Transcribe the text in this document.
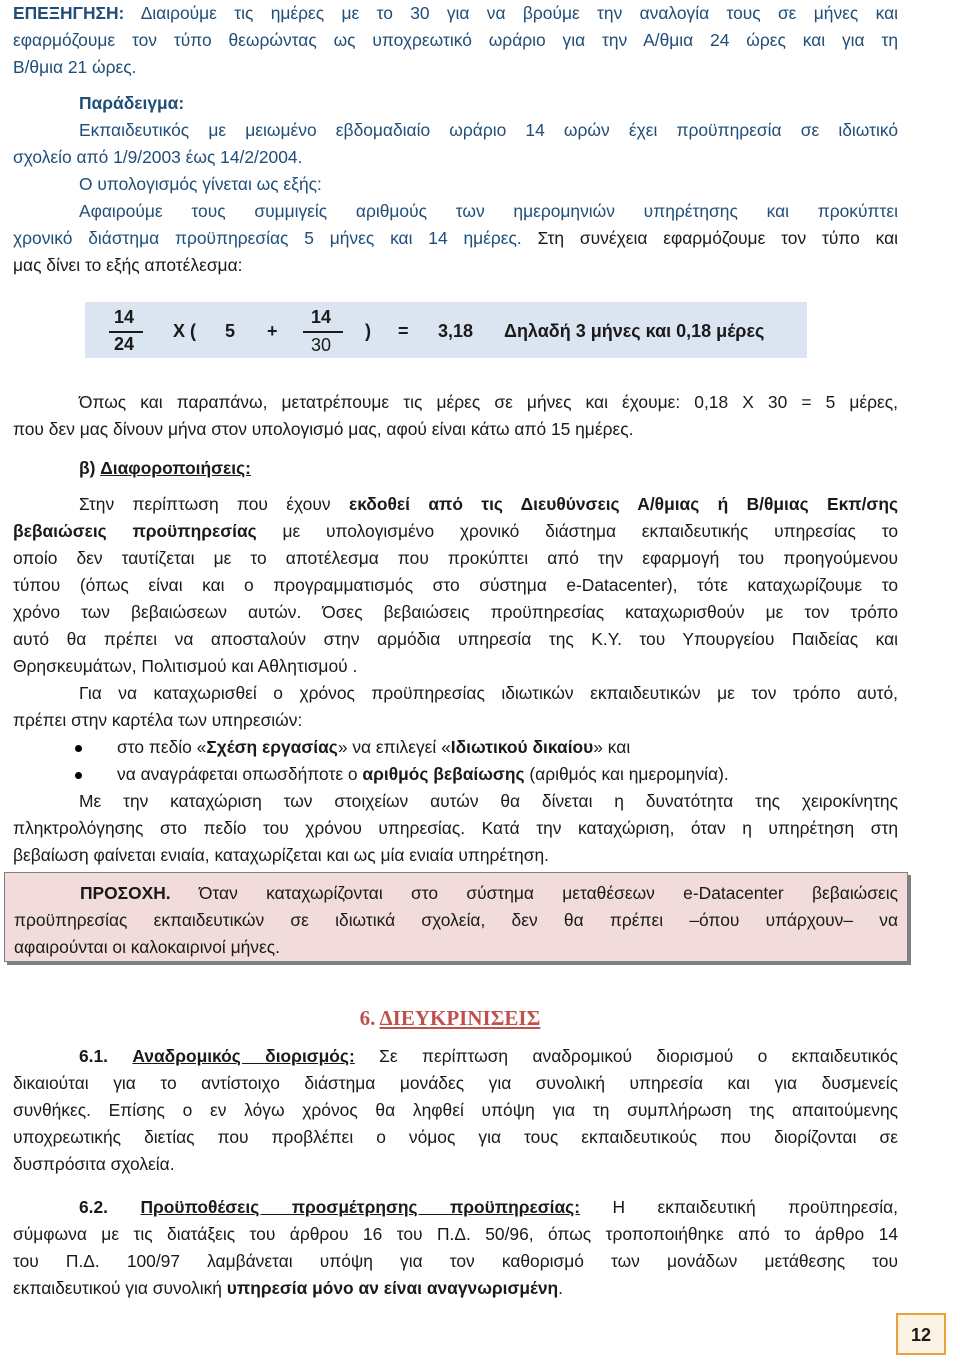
ΕΠΕΞΗΓΗΣΗ: Διαιρούμε τις ημέρες με το 30 για να βρούμε την αναλογία τους σε μήνες και

εφαρμόζουμε τον τύπο θεωρώντας ως υποχρεωτικό ωράριο για την Α/θμια 24 ώρες και για τη

Β/θμια 21 ώρες.

Παράδειγμα:

Εκπαιδευτικός με μειωμένο εβδομαδιαίο ωράριο 14 ωρών έχει προϋπηρεσία σε ιδιωτικό

σχολείο από 1/9/2003 έως 14/2/2004.

Ο υπολογισμός γίνεται ως εξής:

Αφαιρούμε τους συμμιγείς αριθμούς των ημερομηνιών υπηρέτησης και προκύπτει

χρονικό διάστημα προϋπηρεσίας 5 μήνες και 14 ημέρες. Στη συνέχεια εφαρμόζουμε τον τύπο και

μας δίνει το εξής αποτέλεσμα:

14
24
Χ ( 5 +
14
30
) = 3,18 Δηλαδή 3 μήνες και 0,18 μέρες

Όπως και παραπάνω, μετατρέπουμε τις μέρες σε μήνες και έχουμε: 0,18 Χ 30 = 5 μέρες,

που δεν μας δίνουν μήνα στον υπολογισμό μας, αφού είναι κάτω από 15 ημέρες.

β) Διαφοροποιήσεις:

Στην περίπτωση που έχουν εκδοθεί από τις Διευθύνσεις Α/θμιας ή Β/θμιας Εκπ/σης

βεβαιώσεις προϋπηρεσίας με υπολογισμένο χρονικό διάστημα εκπαιδευτικής υπηρεσίας το

οποίο δεν ταυτίζεται με το αποτέλεσμα που προκύπτει από την εφαρμογή του προηγούμενου

τύπου (όπως είναι και ο προγραμματισμός στο σύστημα e-Datacenter), τότε καταχωρίζουμε το

χρόνο των βεβαιώσεων αυτών. Όσες βεβαιώσεις προϋπηρεσίας καταχωρισθούν με τον τρόπο

αυτό θα πρέπει να αποσταλούν στην αρμόδια υπηρεσία της Κ.Υ. του Υπουργείου Παιδείας και

Θρησκευμάτων, Πολιτισμού και Αθλητισμού .

Για να καταχωρισθεί ο χρόνος προϋπηρεσίας ιδιωτικών εκπαιδευτικών με τον τρόπο αυτό,

πρέπει στην καρτέλα των υπηρεσιών:

στο πεδίο «Σχέση εργασίας» να επιλεγεί «Ιδιωτικού δικαίου» και

να αναγράφεται οπωσδήποτε ο αριθμός βεβαίωσης (αριθμός και ημερομηνία).

Με την καταχώριση των στοιχείων αυτών θα δίνεται η δυνατότητα της χειροκίνητης

πληκτρολόγησης στο πεδίο του χρόνου υπηρεσίας. Κατά την καταχώριση, όταν η υπηρέτηση στη

βεβαίωση φαίνεται ενιαία, καταχωρίζεται και ως μία ενιαία υπηρέτηση.

ΠΡΟΣΟΧΗ. Όταν καταχωρίζονται στο σύστημα μεταθέσεων e-Datacenter βεβαιώσεις

προϋπηρεσίας εκπαιδευτικών σε ιδιωτικά σχολεία, δεν θα πρέπει –όπου υπάρχουν– να

αφαιρούνται οι καλοκαιρινοί μήνες.

6. ΔΙΕΥΚΡΙΝΙΣΕΙΣ

6.1. Αναδρομικός διορισμός: Σε περίπτωση αναδρομικού διορισμού ο εκπαιδευτικός

δικαιούται για το αντίστοιχο διάστημα μονάδες για συνολική υπηρεσία και για δυσμενείς

συνθήκες. Επίσης ο εν λόγω χρόνος θα ληφθεί υπόψη για τη συμπλήρωση της απαιτούμενης

υποχρεωτικής διετίας που προβλέπει ο νόμος για τους εκπαιδευτικούς που διορίζονται σε

δυσπρόσιτα σχολεία.

6.2. Προϋποθέσεις προσμέτρησης προϋπηρεσίας: Η εκπαιδευτική προϋπηρεσία,

σύμφωνα με τις διατάξεις του άρθρου 16 του Π.Δ. 50/96, όπως τροποποιήθηκε από το άρθρο 14

του Π.Δ. 100/97 λαμβάνεται υπόψη για τον καθορισμό των μονάδων μετάθεσης του

εκπαιδευτικού για συνολική υπηρεσία μόνο αν είναι αναγνωρισμένη.

12
